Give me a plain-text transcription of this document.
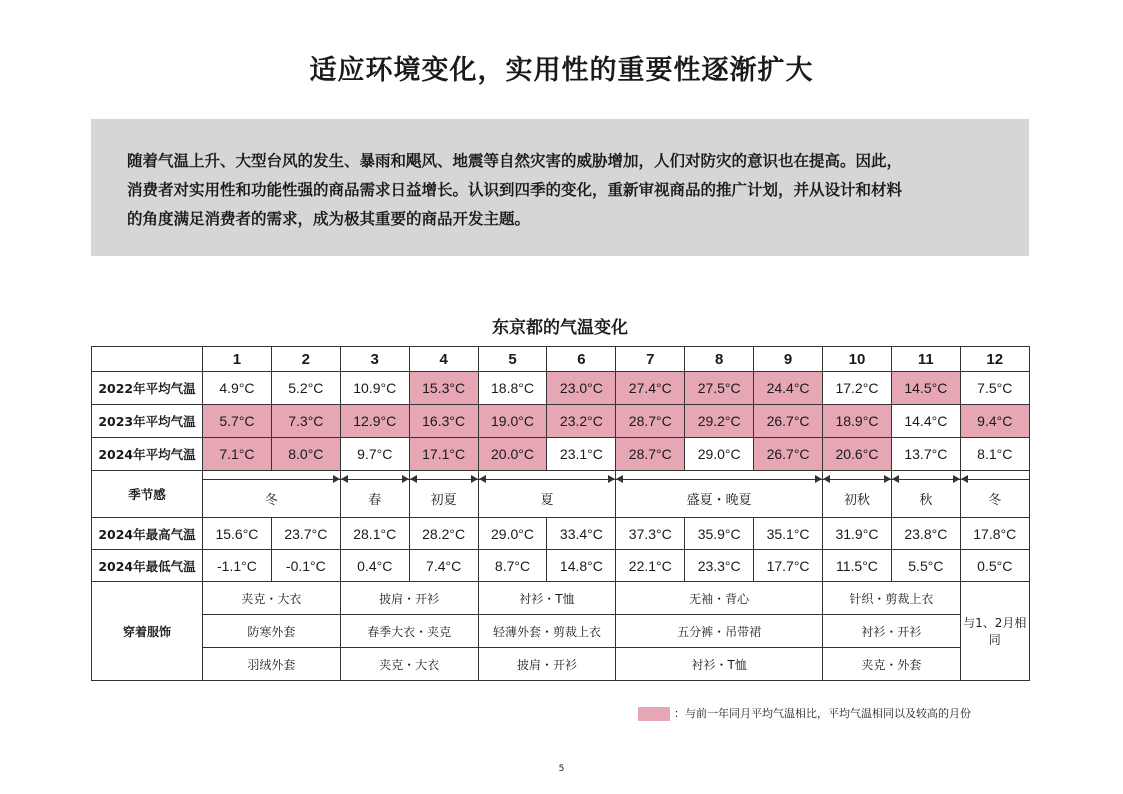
适应环境变化，实用性的重要性逐渐扩大
随着气温上升、大型台风的发生、暴雨和飓风、地震等自然灾害的威胁增加，人们对防灾的意识也在提高。因此，
消费者对实用性和功能性强的商品需求日益增长。认识到四季的变化，重新审视商品的推广计划，并从设计和材料
的角度满足消费者的需求，成为极其重要的商品开发主题。
东京都的气温变化
	1	2	3	4	5	6	7	8	9	10	11	12
2022年平均气温	4.9°C	5.2°C	10.9°C	15.3°C	18.8°C	23.0°C	27.4°C	27.5°C	24.4°C	17.2°C	14.5°C	7.5°C
2023年平均气温	5.7°C	7.3°C	12.9°C	16.3°C	19.0°C	23.2°C	28.7°C	29.2°C	26.7°C	18.9°C	14.4°C	9.4°C
2024年平均气温	7.1°C	8.0°C	9.7°C	17.1°C	20.0°C	23.1°C	28.7°C	29.0°C	26.7°C	20.6°C	13.7°C	8.1°C
季节感	冬		春	初夏	夏		盛夏・晚夏			初秋	秋	冬

2024年最高气温	15.6°C	23.7°C	28.1°C	28.2°C	29.0°C	33.4°C	37.3°C	35.9°C	35.1°C	31.9°C	23.8°C	17.8°C
2024年最低气温	-1.1°C	-0.1°C	0.4°C	7.4°C	8.7°C	14.8°C	22.1°C	23.3°C	17.7°C	11.5°C	5.5°C	0.5°C
穿着服饰	夹克・大衣		披肩・开衫		衬衫・T恤		无袖・背心			针织・剪裁上衣		与1、2月相同
	防寒外套		春季大衣・夹克		轻薄外套・剪裁上衣		五分裤・吊带裙			衬衫・开衫		
	羽绒外套		夹克・大衣		披肩・开衫		衬衫・T恤			夹克・外套		
：与前一年同月平均气温相比，平均气温相同以及较高的月份
5
